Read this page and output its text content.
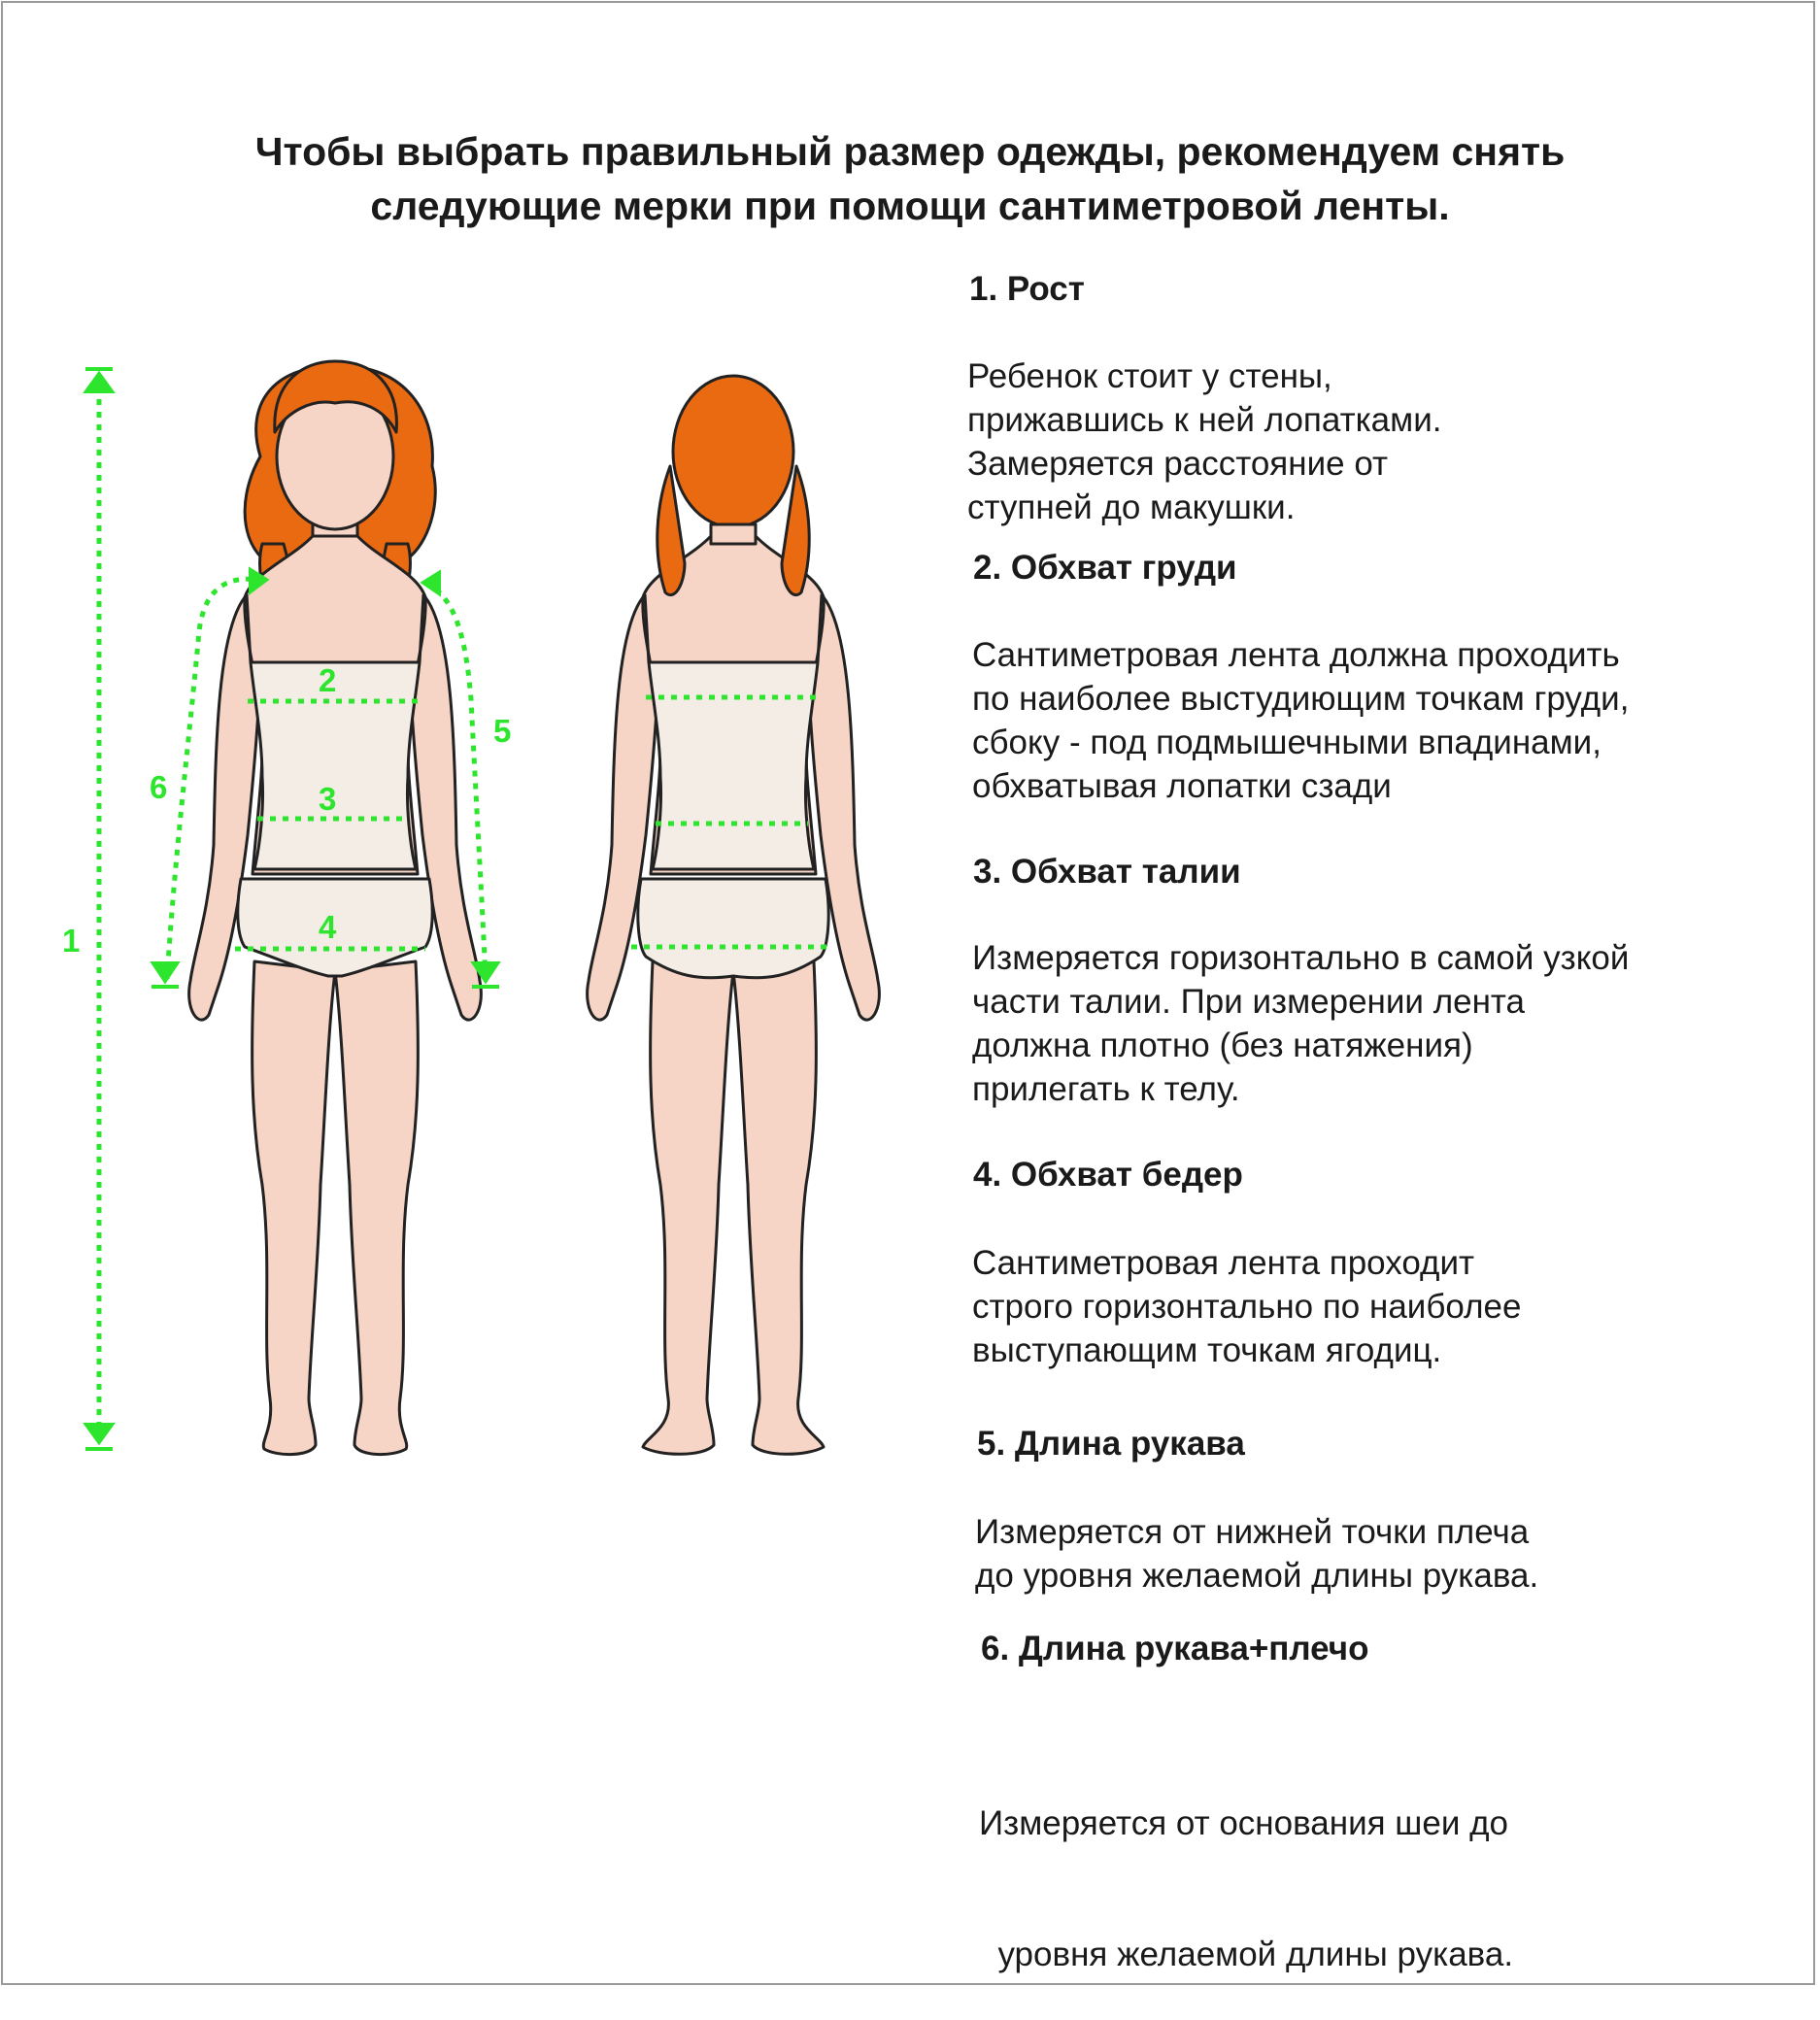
Чтобы выбрать правильный размер одежды, рекомендуем снять
следующие мерки при помощи сантиметровой ленты.
1
2
3
4
5
6
1. Рост
Ребенок стоит у стены,
прижавшись к ней лопатками.
Замеряется расстояние от
ступней до макушки.
2. Обхват груди
Сантиметровая лента должна проходить
по наиболее выстудиющим точкам груди,
сбоку - под подмышечными впадинами,
обхватывая лопатки сзади
3. Обхват талии
Измеряется горизонтально в самой узкой
части талии. При измерении лента
должна плотно (без натяжения)
прилегать к телу.
4. Обхват бедер
Сантиметровая лента проходит
строго горизонтально по наиболее
выступающим точкам ягодиц.
5. Длина рукава
Измеряется от нижней точки плеча
до уровня желаемой длины рукава.
6. Длина рукава+плечо

Измеряется от основания шеи до

уровня желаемой длины рукава.
